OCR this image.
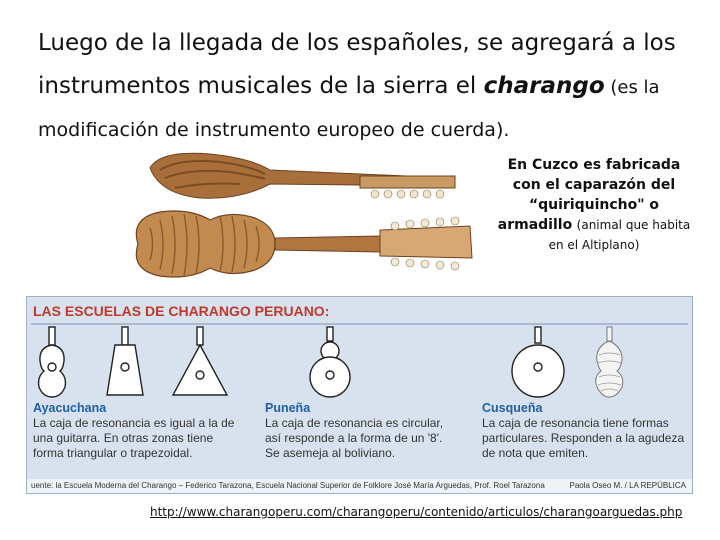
Luego de la llegada de los españoles, se agregará a los
instrumentos musicales de la sierra el charango (es la
modificación de instrumento europeo de cuerda).
En Cuzco es fabricada con el caparazón del “quiriquincho" o armadillo (animal que habita en el Altiplano)
LAS ESCUELAS DE CHARANGO PERUANO:
Ayacuchana
La caja de resonancia es igual a la de
una guitarra. En otras zonas tiene
forma triangular o trapezoidal.
Puneña
La caja de resonancia es circular,
así responde a la forma de un '8'.
Se asemeja al boliviano.
Cusqueña
La caja de resonancia tiene formas
particulares. Responden a la agudeza
de nota que emiten.
uente: la Escuela Moderna del Charango – Federico Tarazona, Escuela Nacional Superior de Folklore José María Arguedas, Prof. Roel Tarazona	Paola Oseo M. / LA REPÚBLICA
http://www.charangoperu.com/charangoperu/contenido/articulos/charangoarguedas.php
